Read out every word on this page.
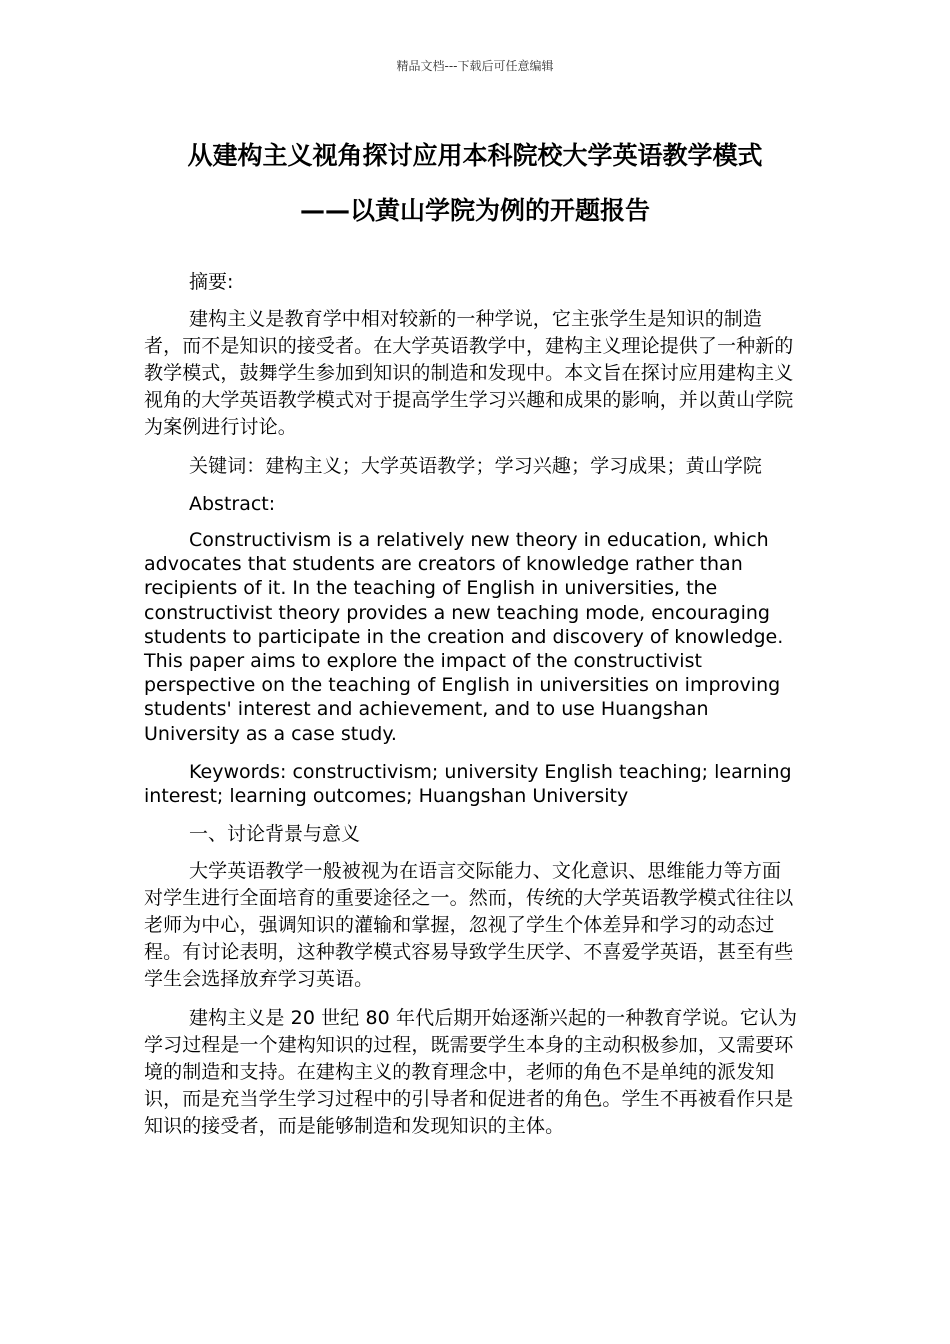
精品文档---下载后可任意编辑
从建构主义视角探讨应用本科院校大学英语教学模式
——以黄山学院为例的开题报告

摘要:

建构主义是教育学中相对较新的一种学说，它主张学生是知识的制造者，而不是知识的接受者。在大学英语教学中，建构主义理论提供了一种新的教学模式，鼓舞学生参加到知识的制造和发现中。本文旨在探讨应用建构主义视角的大学英语教学模式对于提高学生学习兴趣和成果的影响，并以黄山学院为案例进行讨论。

关键词：建构主义；大学英语教学；学习兴趣；学习成果；黄山学院

Abstract:

Constructivism is a relatively new theory in education, which advocates that students are creators of knowledge rather than recipients of it. In the teaching of English in universities, the constructivist theory provides a new teaching mode, encouraging students to participate in the creation and discovery of knowledge. This paper aims to explore the impact of the constructivist perspective on the teaching of English in universities on improving students' interest and achievement, and to use Huangshan University as a case study.

Keywords: constructivism; university English teaching; learning interest; learning outcomes; Huangshan University

一、讨论背景与意义

大学英语教学一般被视为在语言交际能力、文化意识、思维能力等方面对学生进行全面培育的重要途径之一。然而，传统的大学英语教学模式往往以老师为中心，强调知识的灌输和掌握，忽视了学生个体差异和学习的动态过程。有讨论表明，这种教学模式容易导致学生厌学、不喜爱学英语，甚至有些学生会选择放弃学习英语。

建构主义是 20 世纪 80 年代后期开始逐渐兴起的一种教育学说。它认为学习过程是一个建构知识的过程，既需要学生本身的主动积极参加，又需要环境的制造和支持。在建构主义的教育理念中，老师的角色不是单纯的派发知识，而是充当学生学习过程中的引导者和促进者的角色。学生不再被看作只是知识的接受者，而是能够制造和发现知识的主体。
